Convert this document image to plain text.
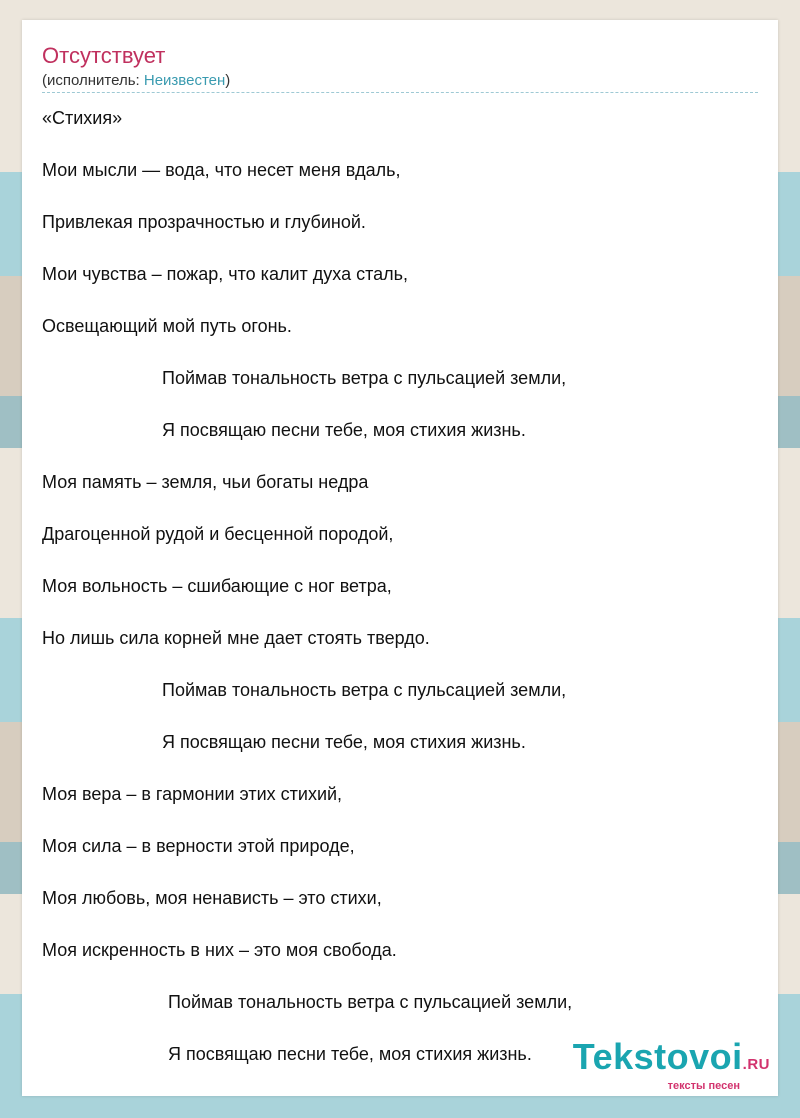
Отсутствует
(исполнитель: Неизвестен)
«Стихия»
Мои мысли — вода, что несет меня вдаль,
Привлекая прозрачностью и глубиной.
Мои чувства – пожар, что калит духа сталь,
Освещающий мой путь огонь.
Поймав тональность ветра с пульсацией земли,
Я посвящаю песни тебе, моя стихия жизнь.
Моя память – земля, чьи богаты недра
Драгоценной рудой и бесценной породой,
Моя вольность – сшибающие с ног ветра,
Но лишь сила корней мне дает стоять твердо.
Поймав тональность ветра с пульсацией земли,
Я посвящаю песни тебе, моя стихия жизнь.
Моя вера – в гармонии этих стихий,
Моя сила – в верности этой природе,
Моя любовь, моя ненависть – это стихи,
Моя искренность в них – это моя свобода.
Поймав тональность ветра с пульсацией земли,
Я посвящаю песни тебе, моя стихия жизнь.	Tekstovoi.RU
тексты песен
